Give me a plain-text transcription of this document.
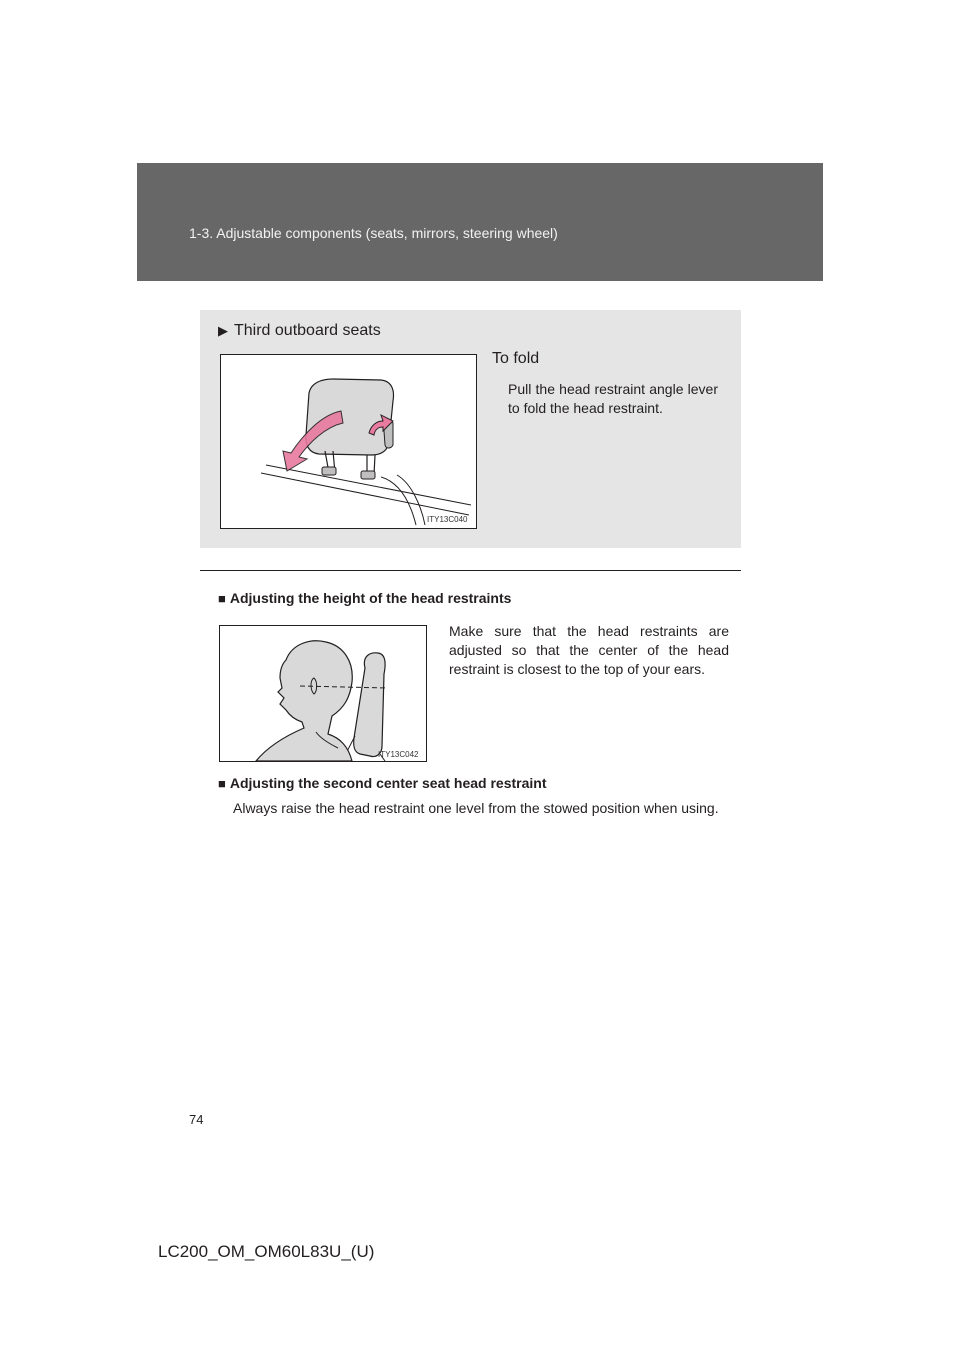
1-3. Adjustable components (seats, mirrors, steering wheel)
▶ Third outboard seats
ITY13C040
To fold
Pull the head restraint angle lever to fold the head restraint.
■ Adjusting the height of the head restraints
ITY13C042
Make sure that the head restraints are adjusted so that the center of the head restraint is closest to the top of your ears.
■ Adjusting the second center seat head restraint
Always raise the head restraint one level from the stowed position when using.
74
LC200_OM_OM60L83U_(U)
